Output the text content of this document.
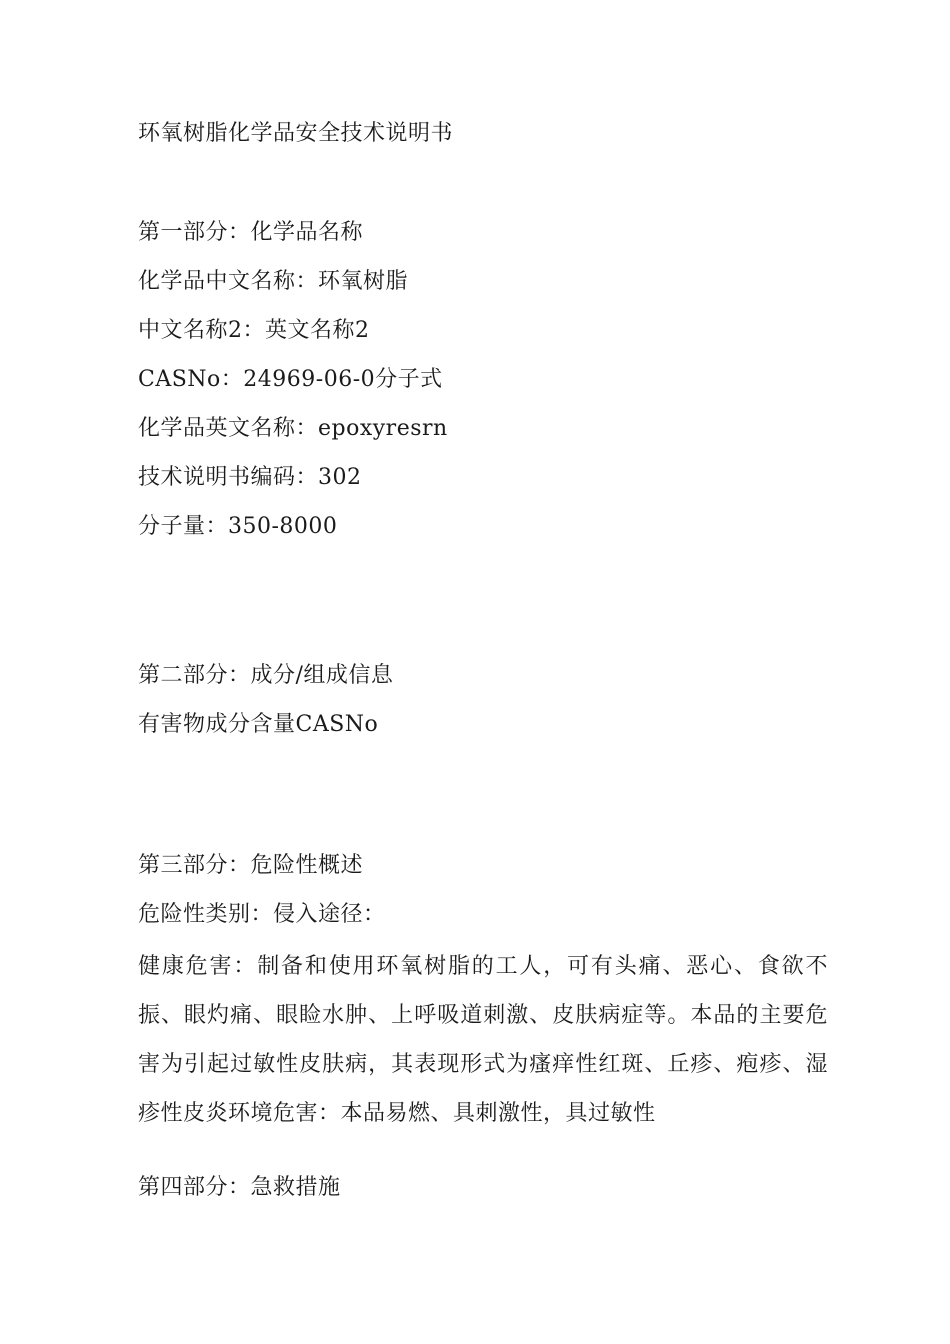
环氧树脂化学品安全技术说明书
第一部分：化学品名称
化学品中文名称：环氧树脂
中文名称2：英文名称2
CASNo：24969-06-0分子式
化学品英文名称：epoxyresrn
技术说明书编码：302
分子量：350-8000
第二部分：成分/组成信息
有害物成分含量CASNo
第三部分：危险性概述
危险性类别：侵入途径：
健康危害：制备和使用环氧树脂的工人，可有头痛、恶心、食欲不振、眼灼痛、眼睑水肿、上呼吸道刺激、皮肤病症等。本品的主要危害为引起过敏性皮肤病，其表现形式为瘙痒性红斑、丘疹、疱疹、湿疹性皮炎环境危害：本品易燃、具刺激性，具过敏性
第四部分：急救措施
